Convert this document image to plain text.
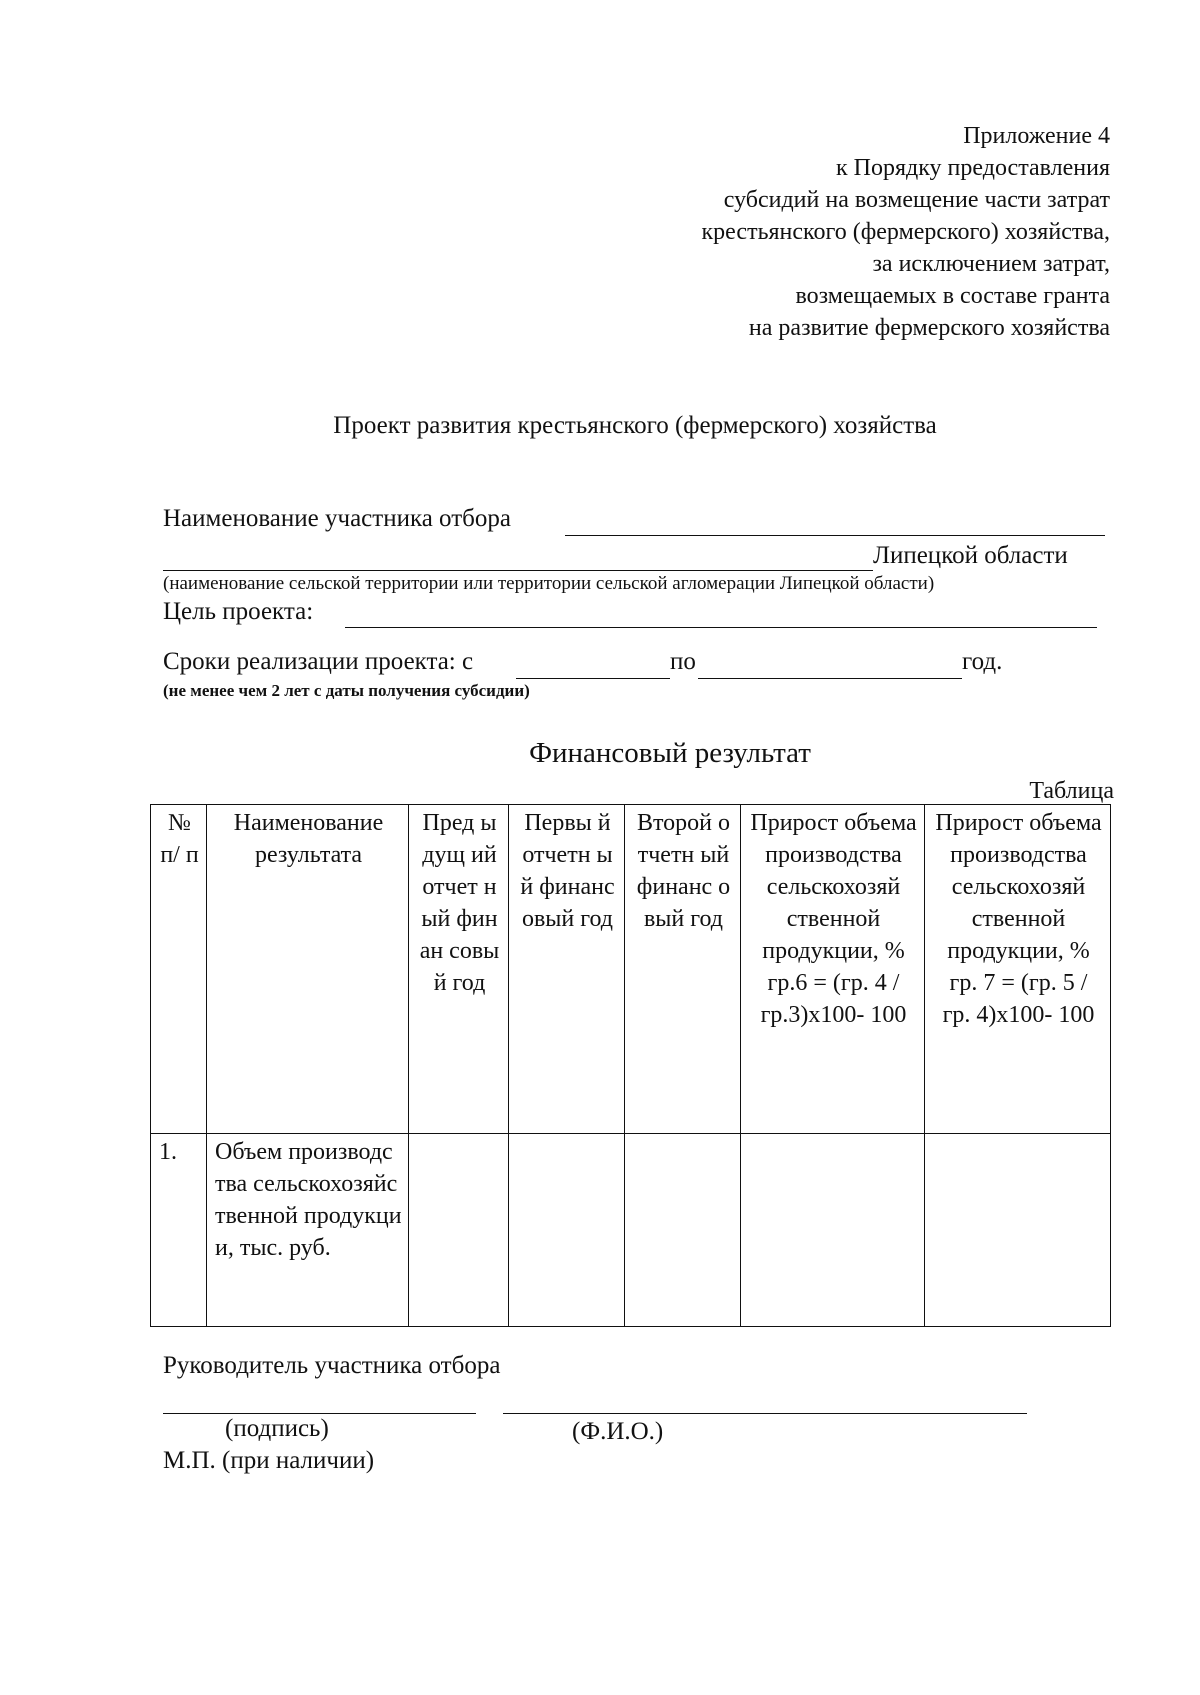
Приложение 4
к Порядку предоставления
субсидий на возмещение части затрат
крестьянского (фермерского) хозяйства,
за исключением затрат,
возмещаемых в составе гранта
на развитие фермерского хозяйства
Проект развития крестьянского (фермерского) хозяйства
Наименование участника отбора
Липецкой области
(наименование сельской территории или территории сельской агломерации Липецкой области)
Цель проекта:
Сроки реализации проекта: с	по	год.
(не менее чем 2 лет с даты получения субсидии)
Финансовый результат
Таблица
№ п/ п	Наименование результата	Пред ыдущ ий отчет ный финан совый год	Первы й отчетн ый финанс овый год	Второй отчетн ый финанс овый год	Прирост объема производства сельскохозяй ственной продукции, % гр.6 = (гр. 4 / гр.3)х100- 100	Прирост объема производства сельскохозяй ственной продукции, % гр. 7 = (гр. 5 / гр. 4)х100- 100

1.	Объем производства сельскохозяйс твенной продукции, тыс. руб.					

Руководитель участника отбора
(подпись)	(Ф.И.О.)
М.П. (при наличии)
